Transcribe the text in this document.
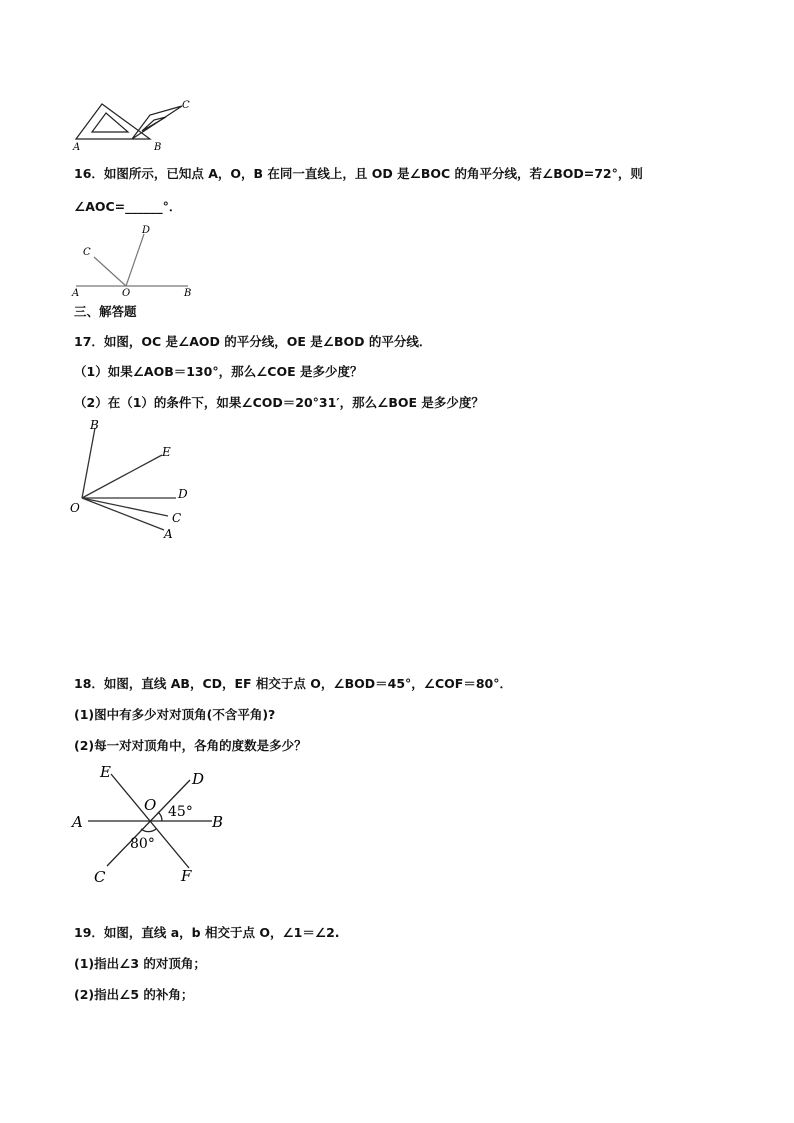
A	B
C
16．如图所示，已知点 A，O，B 在同一直线上，且 OD 是∠BOC 的角平分线，若∠BOD=72°，则
∠AOC=______°．
A	O	B
C
D
三、解答题
17．如图，OC 是∠AOD 的平分线，OE 是∠BOD 的平分线．
（1）如果∠AOB＝130°，那么∠COE 是多少度？
（2）在（1）的条件下，如果∠COD＝20°31′，那么∠BOE 是多少度？
B
E
D
O
C
A
18．如图，直线 AB，CD，EF 相交于点 O，∠BOD＝45°，∠COF＝80°．
(1)图中有多少对对顶角(不含平角)?
(2)每一对对顶角中，各角的度数是多少？
A	B
C
D
E
F
O 45°
80°
19．如图，直线 a，b 相交于点 O，∠1＝∠2.
(1)指出∠3 的对顶角；
(2)指出∠5 的补角；
